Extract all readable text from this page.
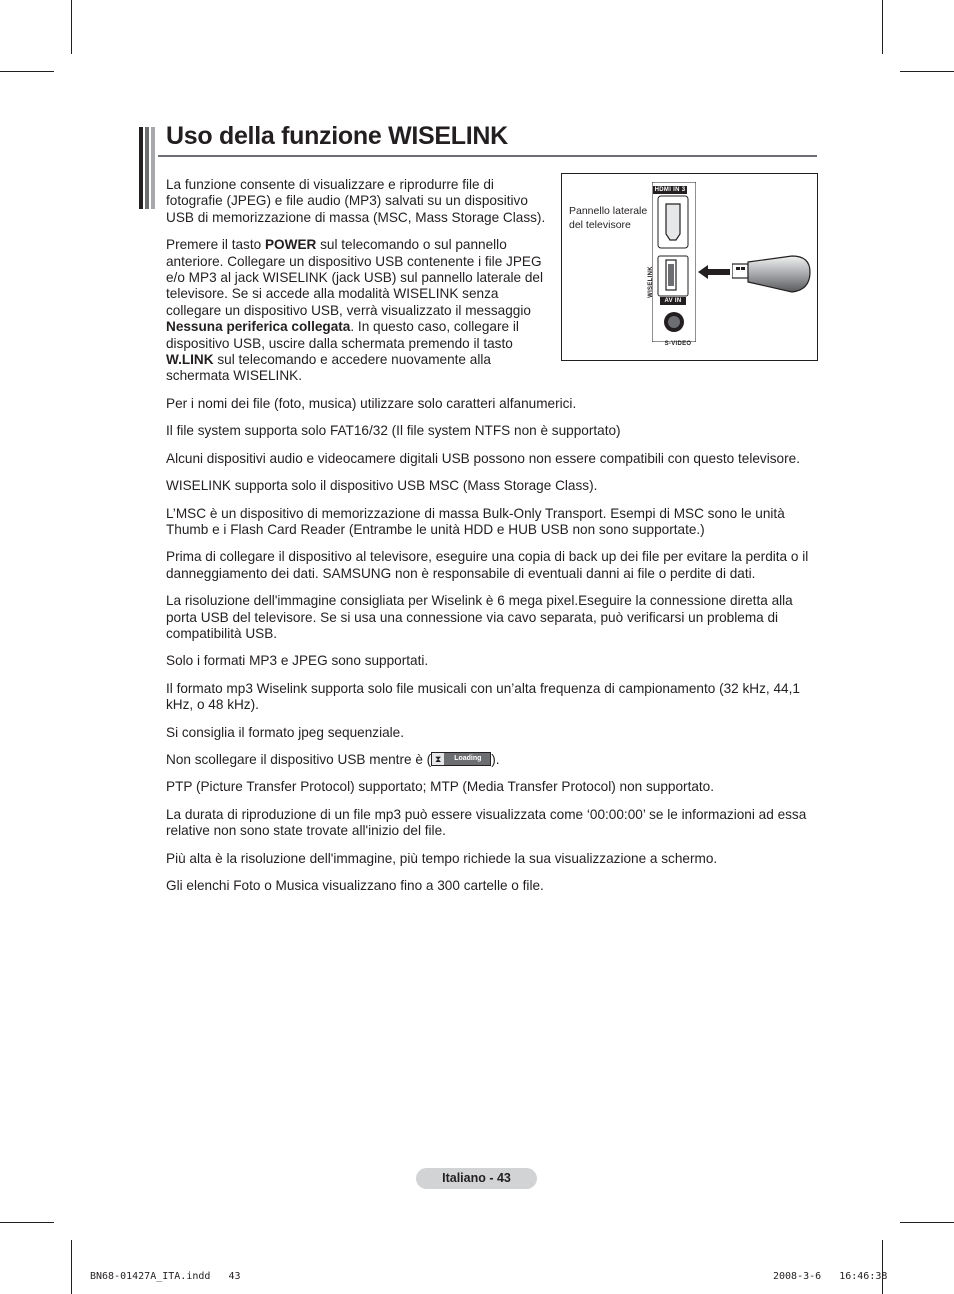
Uso della funzione WISELINK
Pannello laterale del televisore
HDMI IN 3
WISELINK
AV IN
S-VIDEO

La funzione consente di visualizzare e riprodurre file di fotografie (JPEG) e file audio (MP3) salvati su un dispositivo USB di memorizzazione di massa (MSC, Mass Storage Class).

Premere il tasto POWER sul telecomando o sul pannello anteriore. Collegare un dispositivo USB contenente i file JPEG e/o MP3 al jack WISELINK (jack USB) sul pannello laterale del televisore. Se si accede alla modalità WISELINK senza collegare un dispositivo USB, verrà visualizzato il messaggio Nessuna periferica collegata. In questo caso, collegare il dispositivo USB, uscire dalla schermata premendo il tasto W.LINK sul telecomando e accedere nuovamente alla schermata WISELINK.

Per i nomi dei file (foto, musica) utilizzare solo caratteri alfanumerici.

Il file system supporta solo FAT16/32 (Il file system NTFS non è supportato)

Alcuni dispositivi audio e videocamere digitali USB possono non essere compatibili con questo televisore.

WISELINK supporta solo il dispositivo USB MSC (Mass Storage Class).

L’MSC è un dispositivo di memorizzazione di massa Bulk-Only Transport. Esempi di MSC sono le unità Thumb e i Flash Card Reader (Entrambe le unità HDD e HUB USB non sono supportate.)

Prima di collegare il dispositivo al televisore, eseguire una copia di back up dei file per evitare la perdita o il danneggiamento dei dati. SAMSUNG non è responsabile di eventuali danni ai file o perdite di dati.

La risoluzione dell'immagine consigliata per Wiselink è 6 mega pixel.Eseguire la connessione diretta alla porta USB del televisore. Se si usa una connessione via cavo separata, può verificarsi un problema di compatibilità USB.

Solo i formati MP3 e JPEG sono supportati.

Il formato mp3 Wiselink supporta solo file musicali con un’alta frequenza di campionamento (32 kHz, 44,1 kHz, o 48 kHz).

Si consiglia il formato jpeg sequenziale.

Non scollegare il dispositivo USB mentre è ( ⧗	Loading ).

PTP (Picture Transfer Protocol) supportato; MTP (Media Transfer Protocol) non supportato.

La durata di riproduzione di un file mp3 può essere visualizzata come ‘00:00:00’ se le informazioni ad essa relative non sono state trovate all'inizio del file.

Più alta è la risoluzione dell'immagine, più tempo richiede la sua visualizzazione a schermo.

Gli elenchi Foto o Musica visualizzano fino a 300 cartelle o file.

Italiano - 43
BN68-01427A_ITA.indd   43	2008-3-6   16:46:38
